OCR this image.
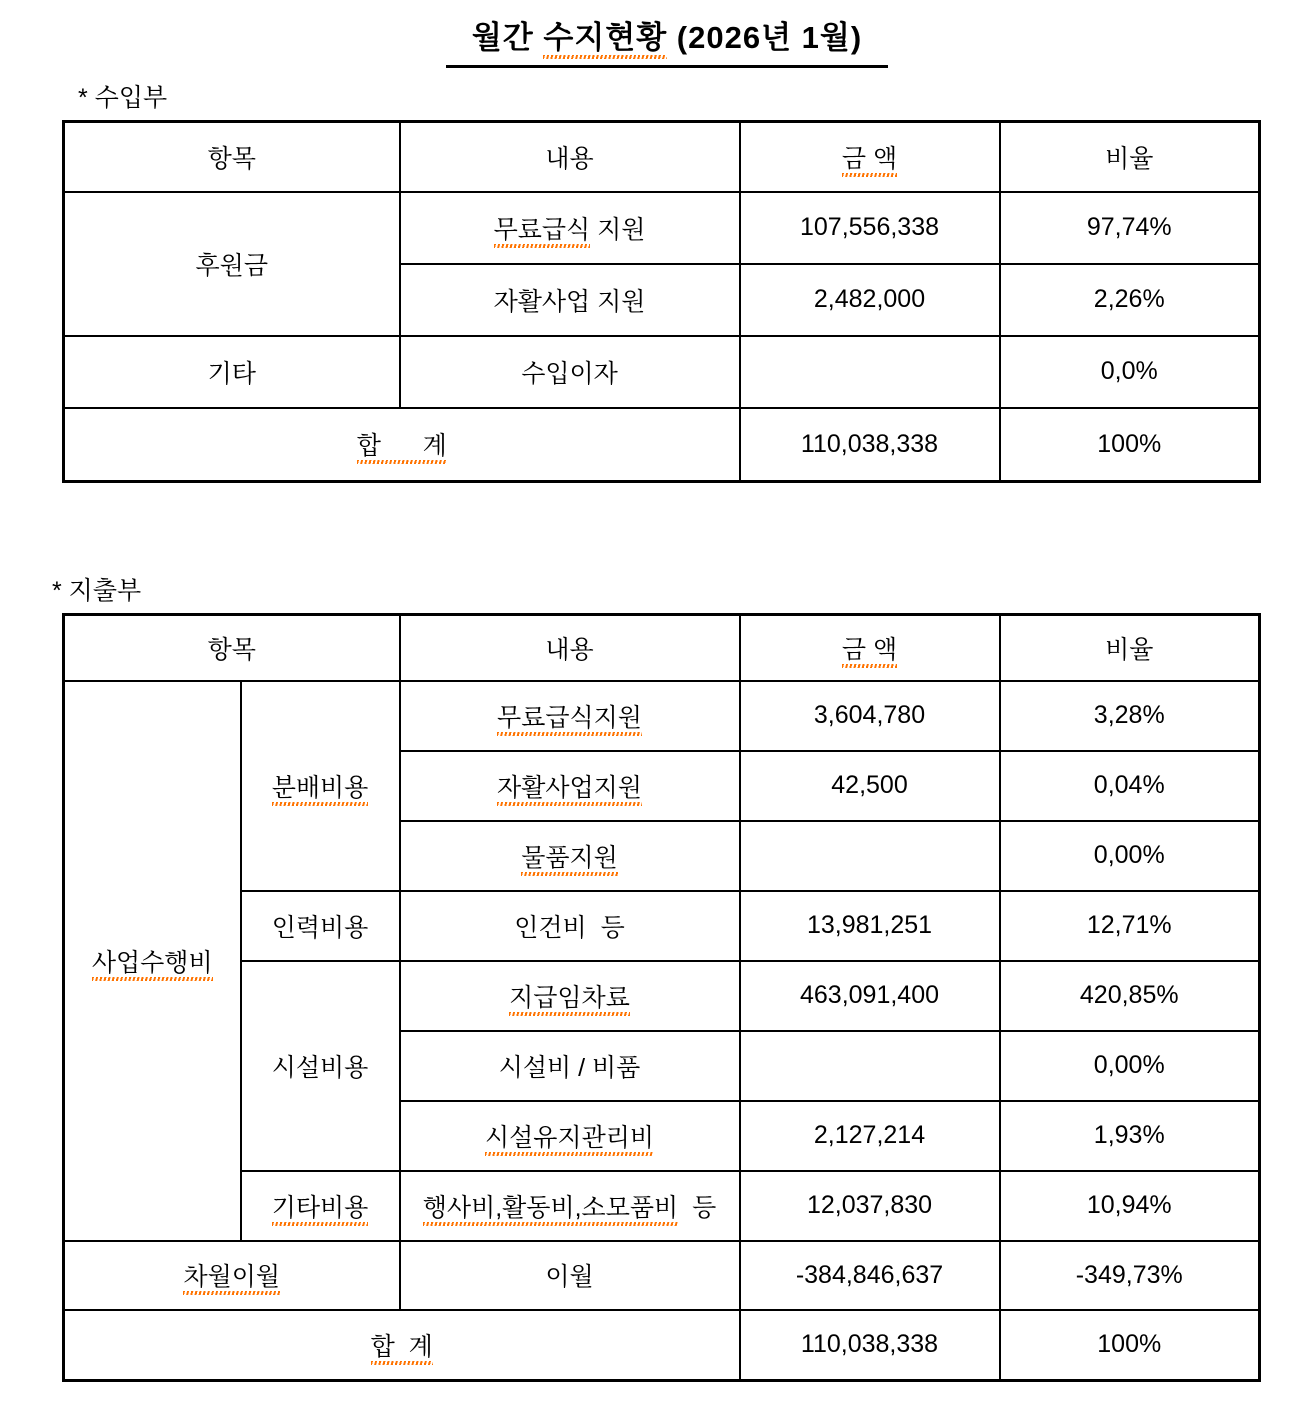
월간 수지현황 (2026년 1월)
* 수입부
항목	내용	금 액	비율
후원금	무료급식 지원	107,556,338	97,74%
	자활사업 지원	2,482,000	2,26%
기타	수입이자		0,0%
합      계		110,038,338	100%
* 지출부
항목		내용	금 액	비율
사업수행비	분배비용	무료급식지원	3,604,780	3,28%
		자활사업지원	42,500	0,04%
		물품지원		0,00%
	인력비용	인건비  등	13,981,251	12,71%
	시설비용	지급임차료	463,091,400	420,85%
		시설비 / 비품		0,00%
		시설유지관리비	2,127,214	1,93%
	기타비용	행사비,활동비,소모품비  등	12,037,830	10,94%
차월이월		이월	-384,846,637	-349,73%
합  계			110,038,338	100%
